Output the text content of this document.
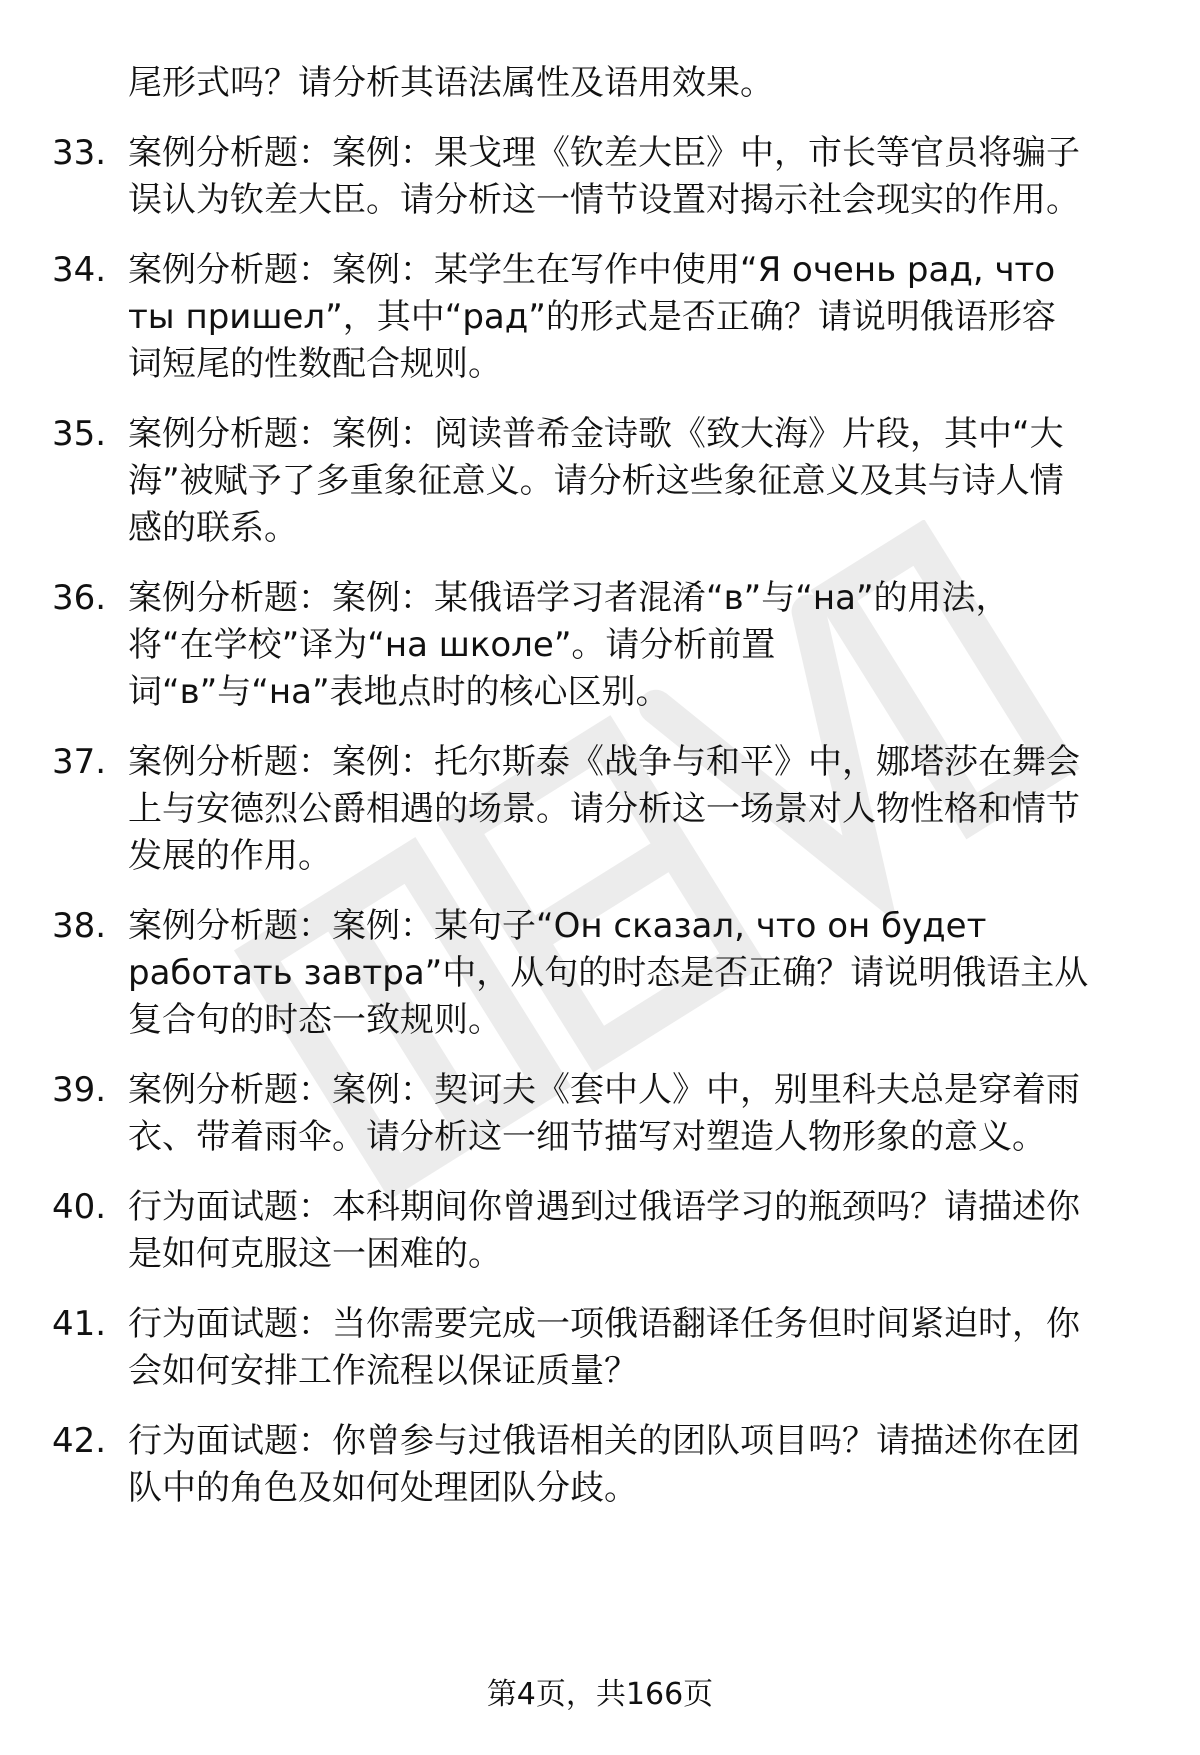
尾形式吗？请分析其语法属性及语用效果。
33. 案例分析题：案例：果戈理《钦差大臣》中，市长等官员将骗子
误认为钦差大臣。请分析这一情节设置对揭示社会现实的作用。
34. 案例分析题：案例：某学生在写作中使用“Я очень рад, что
ты пришел”，其中“рад”的形式是否正确？请说明俄语形容
词短尾的性数配合规则。
35. 案例分析题：案例：阅读普希金诗歌《致大海》片段，其中“大
海”被赋予了多重象征意义。请分析这些象征意义及其与诗人情
感的联系。
36. 案例分析题：案例：某俄语学习者混淆“в”与“на”的用法，
将“在学校”译为“на школе”。请分析前置
词“в”与“на”表地点时的核心区别。
37. 案例分析题：案例：托尔斯泰《战争与和平》中，娜塔莎在舞会
上与安德烈公爵相遇的场景。请分析这一场景对人物性格和情节
发展的作用。
38. 案例分析题：案例：某句子“Он сказал, что он будет
работать завтра”中，从句的时态是否正确？请说明俄语主从
复合句的时态一致规则。
39. 案例分析题：案例：契诃夫《套中人》中，别里科夫总是穿着雨
衣、带着雨伞。请分析这一细节描写对塑造人物形象的意义。
40. 行为面试题：本科期间你曾遇到过俄语学习的瓶颈吗？请描述你
是如何克服这一困难的。
41. 行为面试题：当你需要完成一项俄语翻译任务但时间紧迫时，你
会如何安排工作流程以保证质量？
42. 行为面试题：你曾参与过俄语相关的团队项目吗？请描述你在团
队中的角色及如何处理团队分歧。
第4页，共166页
